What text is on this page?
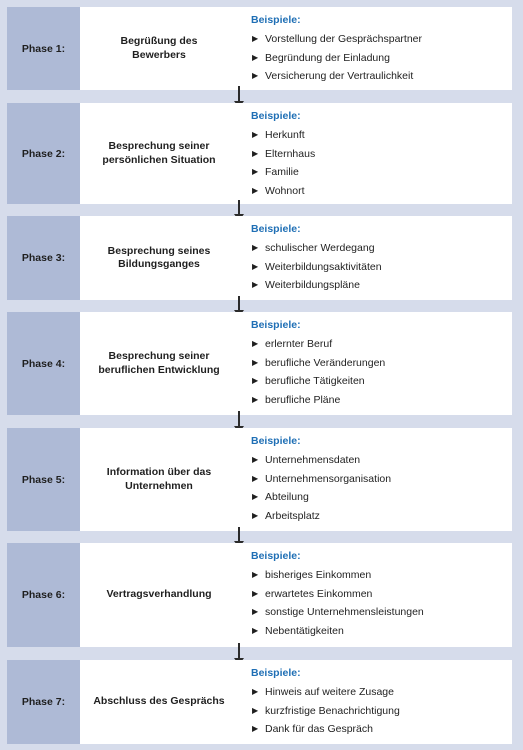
Phase 1:
Begrüßung des
Bewerbers
Beispiele:
▶ Vorstellung der Gesprächspartner
▶ Begründung der Einladung
▶ Versicherung der Vertraulichkeit
Phase 2:
Besprechung seiner
persönlichen Situation
Beispiele:
▶ Herkunft
▶ Elternhaus
▶ Familie
▶ Wohnort
Phase 3:
Besprechung seines
Bildungsganges
Beispiele:
▶ schulischer Werdegang
▶ Weiterbildungsaktivitäten
▶ Weiterbildungspläne
Phase 4:
Besprechung seiner
beruflichen Entwicklung
Beispiele:
▶ erlernter Beruf
▶ berufliche Veränderungen
▶ berufliche Tätigkeiten
▶ berufliche Pläne
Phase 5:
Information über das
Unternehmen
Beispiele:
▶ Unternehmensdaten
▶ Unternehmensorganisation
▶ Abteilung
▶ Arbeitsplatz
Phase 6:	Vertragsverhandlung
Beispiele:
▶ bisheriges Einkommen
▶ erwartetes Einkommen
▶ sonstige Unternehmensleistungen
▶ Nebentätigkeiten
Phase 7:	Abschluss des Gesprächs
Beispiele:
▶ Hinweis auf weitere Zusage
▶ kurzfristige Benachrichtigung
▶ Dank für das Gespräch
